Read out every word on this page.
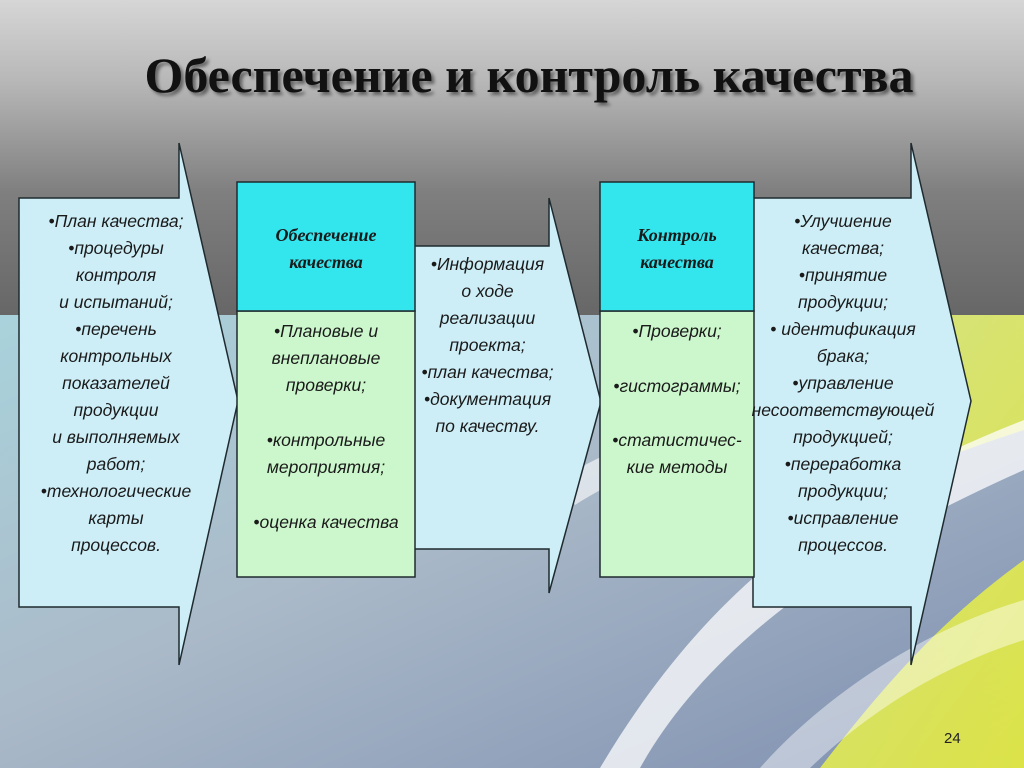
Обеспечение и контроль качества
•План качества;
•процедуры
контроля
и испытаний;
•перечень
контрольных
показателей
продукции
и выполняемых
работ;
•технологические
карты
процессов.
Обеспечение
качества
•Плановые и
внеплановые
проверки;
•контрольные
мероприятия;
•оценка качества
•Информация
о ходе
реализации
проекта;
•план качества;
•документация
по качеству.
Контроль
качества
•Проверки;
•гистограммы;
•статистичес-
кие методы
•Улучшение
качества;
•принятие
продукции;
• идентификация
брака;
•управление
несоответствующей
продукцией;
•переработка
продукции;
•исправление
процессов.
24
